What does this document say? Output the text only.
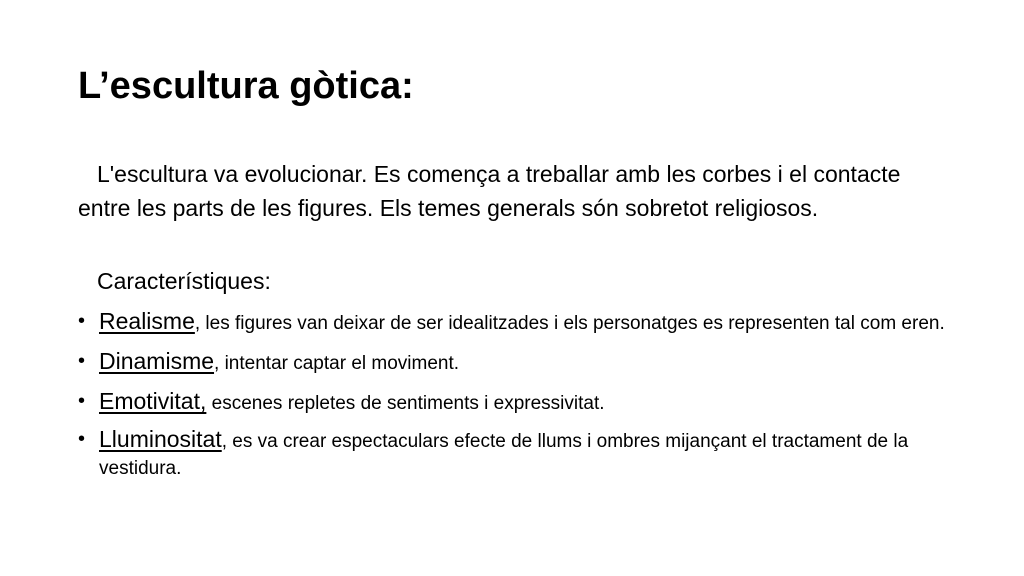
L’escultura gòtica:
L'escultura va evolucionar. Es comença a treballar amb les corbes i el contacte entre les parts de les figures. Els temes generals són sobretot religiosos.
Característiques:
• Realisme, les figures van deixar de ser idealitzades i els personatges es representen tal com eren.
• Dinamisme, intentar captar el moviment.
• Emotivitat, escenes repletes de sentiments i expressivitat.
• Lluminositat, es va crear espectaculars efecte de llums i ombres mijançant el tractament de la vestidura.
